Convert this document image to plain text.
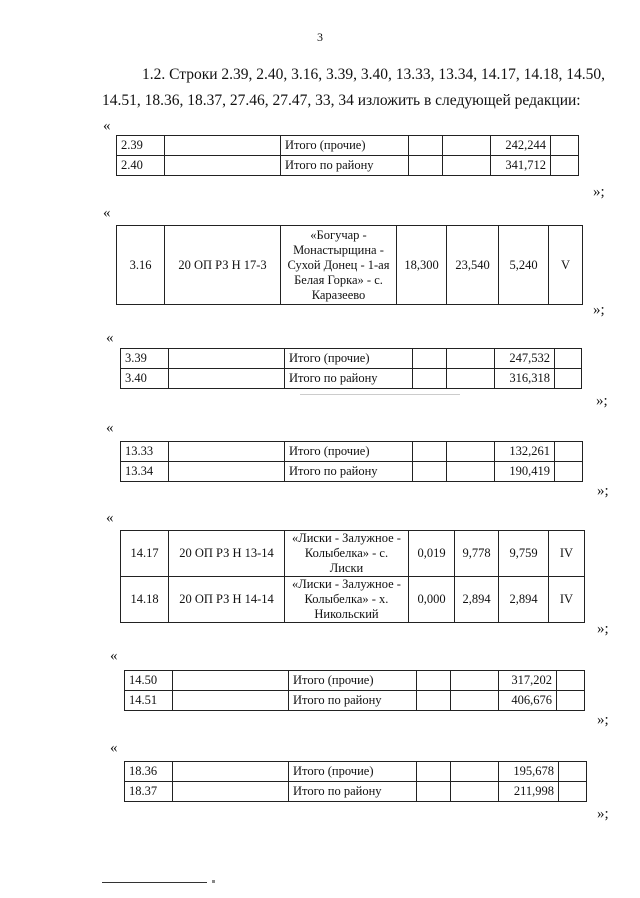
3

1.2. Строки 2.39, 2.40, 3.16, 3.39, 3.40, 13.33, 13.34, 14.17, 14.18, 14.50, 14.51, 18.36, 18.37, 27.46, 27.47, 33, 34 изложить в следующей редакции:

«
2.39		Итого (прочие)			242,244	
2.40		Итого по району			341,712	
»;
«
3.16	20 ОП РЗ Н 17-3	«Богучар - Монастырщина - Сухой Донец - 1-ая Белая Горка» - с. Каразеево	18,300	23,540	5,240	V
»;
«
3.39		Итого (прочие)			247,532	
3.40		Итого по району			316,318	
»;
«
13.33		Итого (прочие)			132,261	
13.34		Итого по району			190,419	
»;
«
14.17	20 ОП РЗ Н 13-14	«Лиски - Залужное - Колыбелка» - с. Лиски	0,019	9,778	9,759	IV
14.18	20 ОП РЗ Н 14-14	«Лиски - Залужное - Колыбелка» - х. Никольский	0,000	2,894	2,894	IV
»;
«
14.50		Итого (прочие)			317,202	
14.51		Итого по району			406,676	
»;
«
18.36		Итого (прочие)			195,678	
18.37		Итого по району			211,998	
»;
